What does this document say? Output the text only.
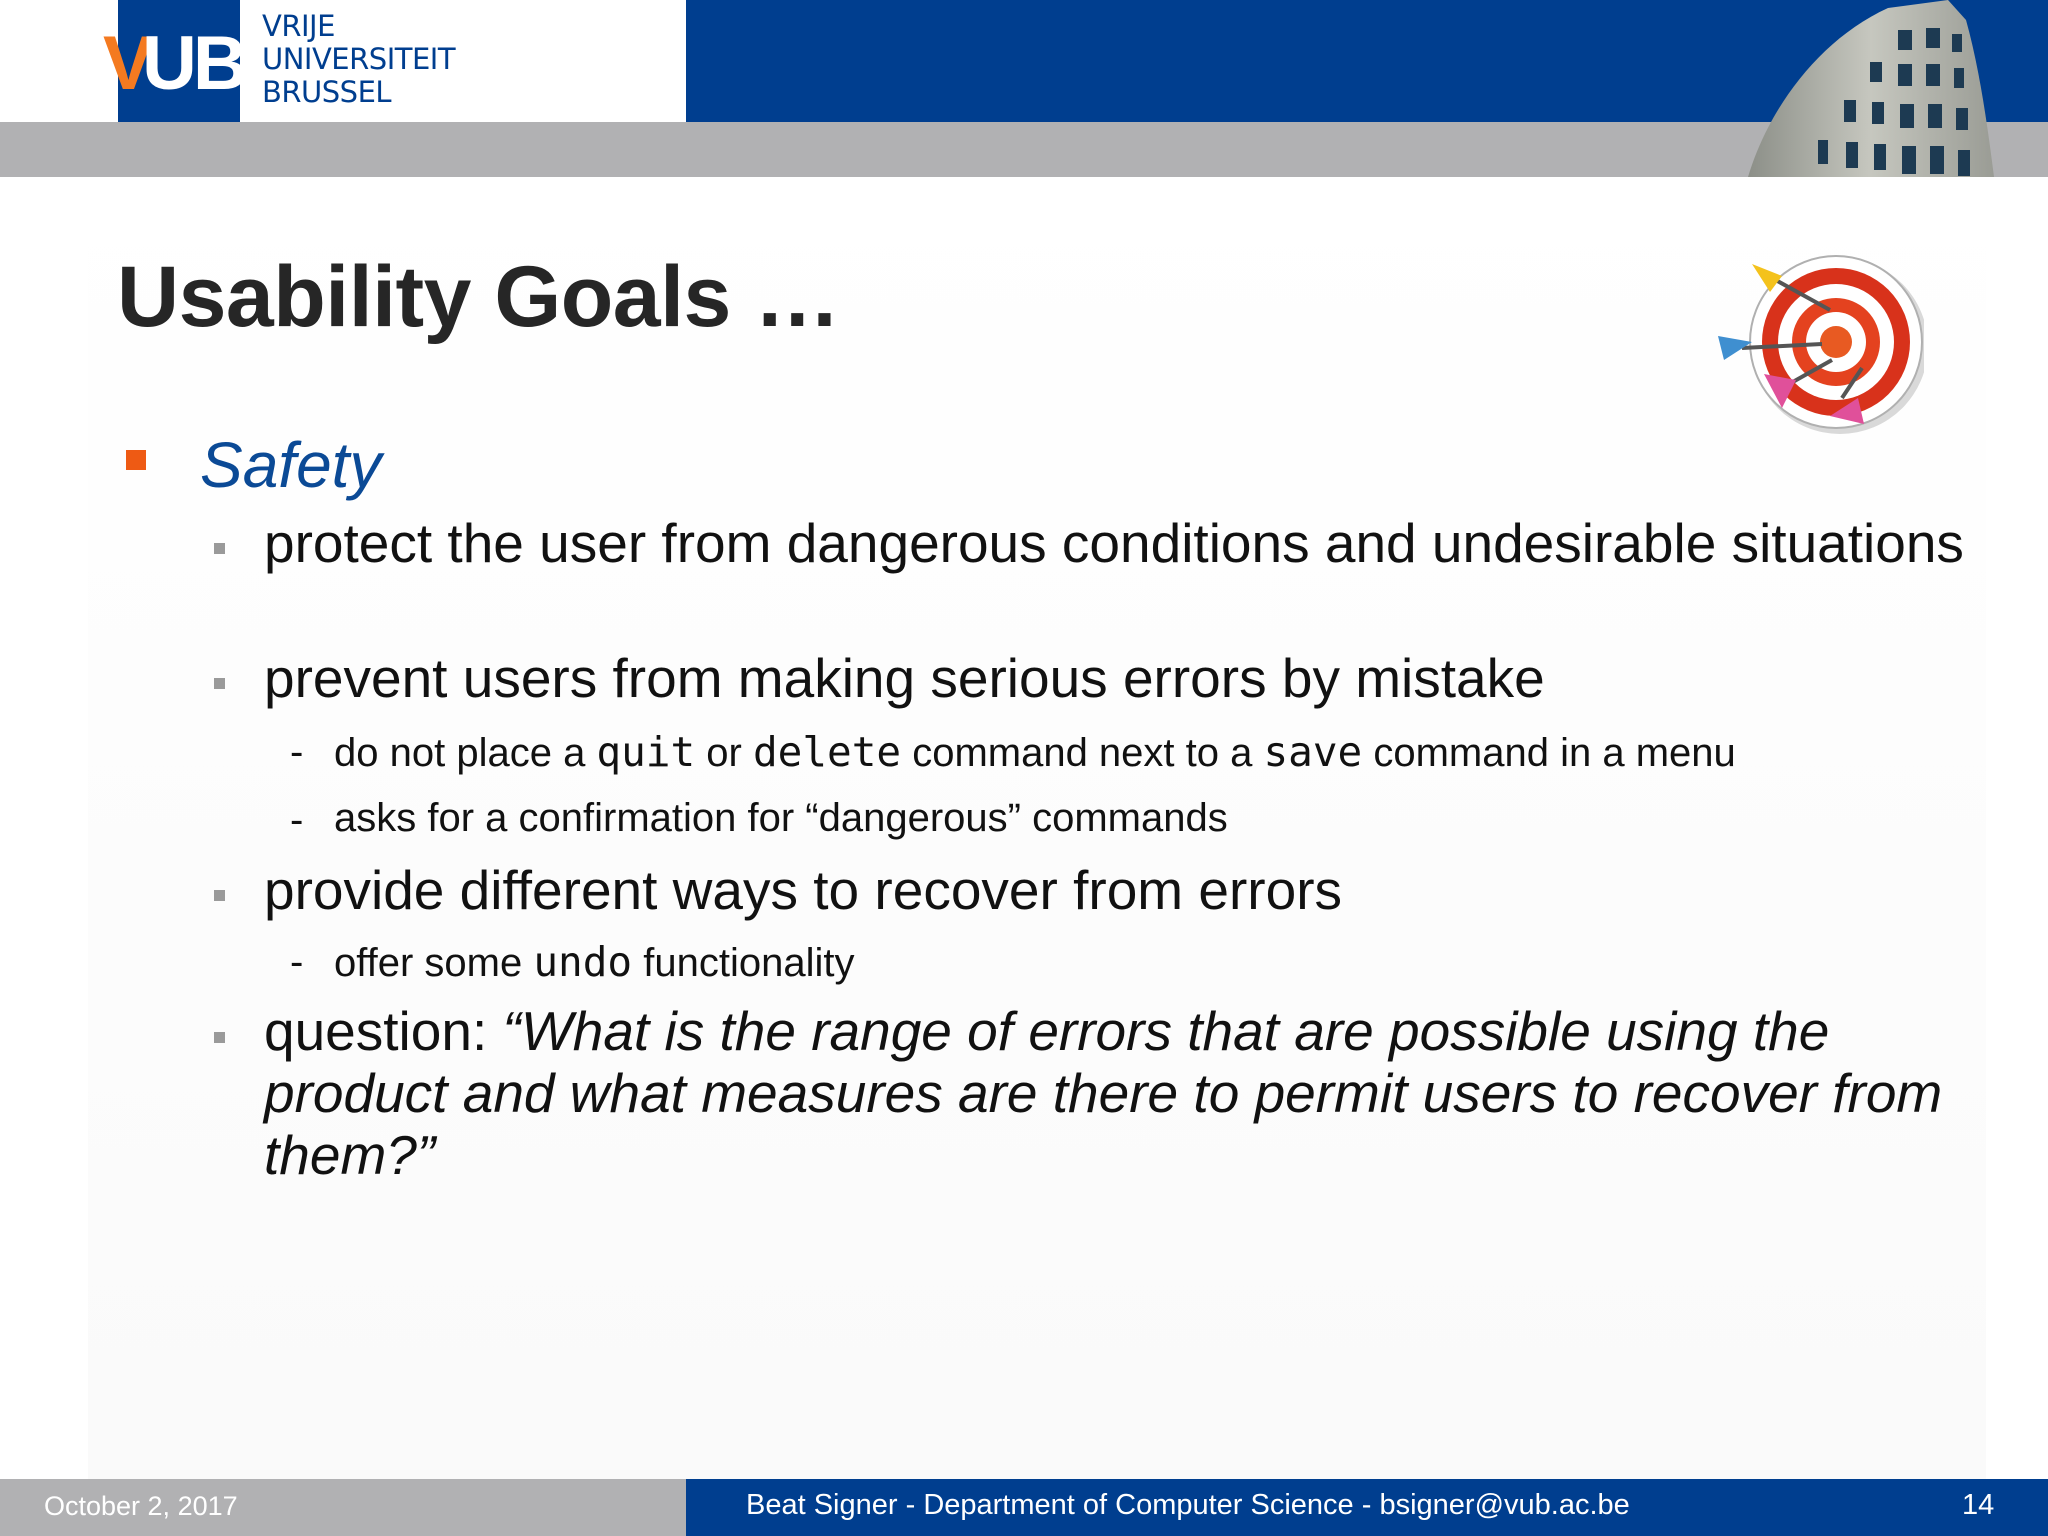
V
UB VRIJE
UNIVERSITEIT
BRUSSEL
Usability Goals …
Safety
protect the user from dangerous conditions and undesirable situations
prevent users from making serious errors by mistake
- do not place a quit or delete command next to a save command in a menu
- asks for a confirmation for “dangerous” commands
provide different ways to recover from errors
- offer some undo functionality
question: “What is the range of errors that are possible using the product and what measures are there to permit users to recover from them?”
October 2, 2017	Beat Signer - Department of Computer Science - bsigner@vub.ac.be	14
